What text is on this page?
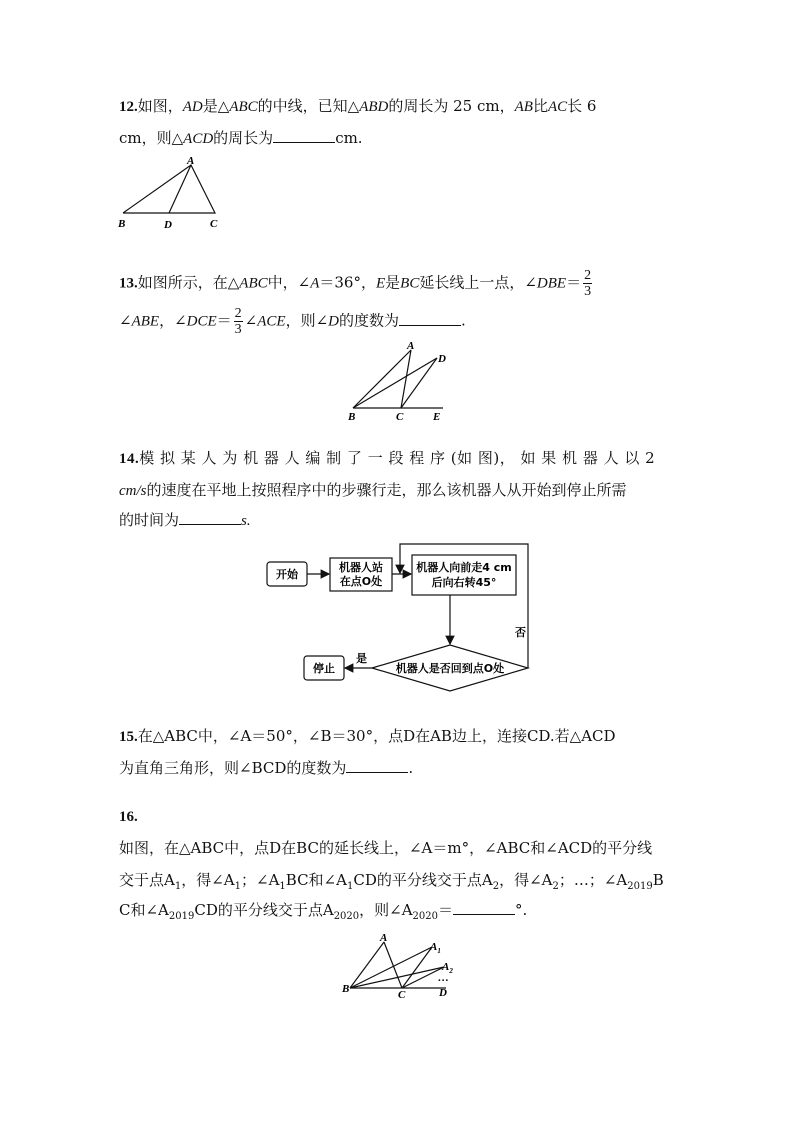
12.如图，AD是△ABC的中线，已知△ABD的周长为 25 cm，AB比AC长 6
cm，则△ACD的周长为	cm.
A
B	D	C
13.如图所示，在△ABC中，∠A＝36°，E是BC延长线上一点，∠DBE＝ $\frac{2}{3}$
∠ABE，∠DCE＝ $\frac{2}{3}$ ∠ACE，则∠D的度数为	.
A
D
B	C	E
14.模 拟 某 人 为 机 器 人 编 制 了 一 段 程 序 (如 图)， 如 果 机 器 人 以 2
cm/s的速度在平地上按照程序中的步骤行走，那么该机器人从开始到停止所需
的时间为	s.
开始
机器人站
在点O处
机器人向前走4 cm
后向右转45°
机器人是否回到点O处
否
是
停止
15.在△ABC中，∠A＝50°，∠B＝30°，点D在AB边上，连接CD.若△ACD
为直角三角形，则∠BCD的度数为	.
16.
如图，在△ABC中，点D在BC的延长线上，∠A＝m°，∠ABC和∠ACD的平分线
交于点$A_1$，得$\angle A_1$；$\angle A_1BC$和$\angle A_1CD$的平分线交于点$A_2$，得$\angle A_2$；…；$\angle A_{2019}B$
C和$\angle A_{2019}CD$的平分线交于点$A_{2020}$，则$\angle A_{2020}=$	°.
A
$A_1$
$A_2$
…
B	C	D
